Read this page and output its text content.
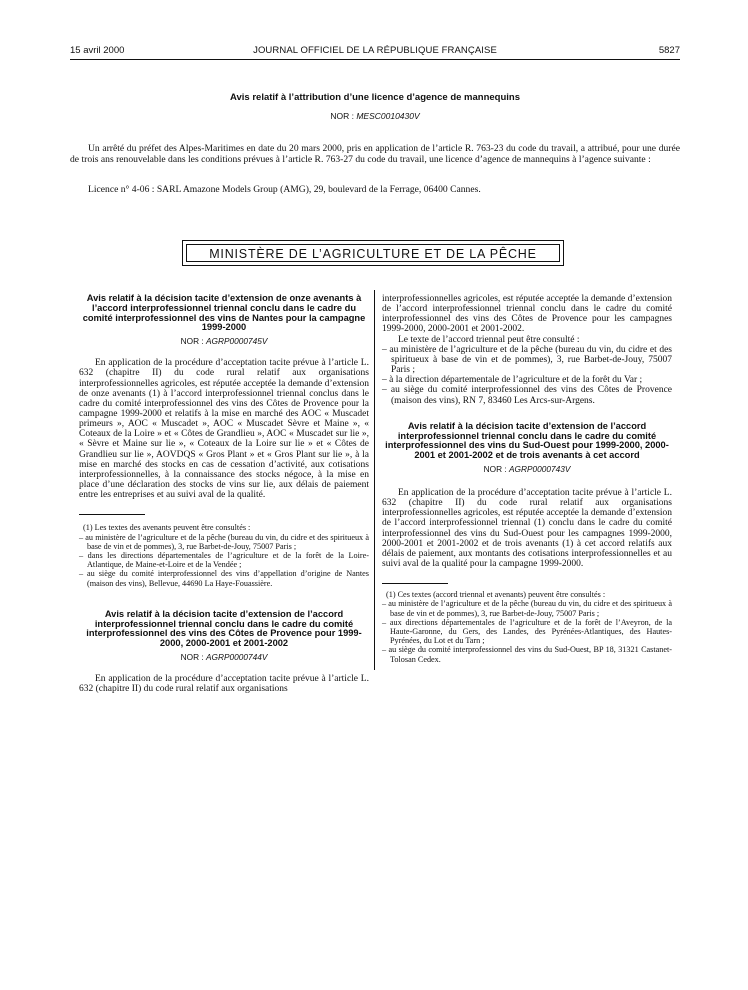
15 avril 2000	JOURNAL OFFICIEL DE LA RÉPUBLIQUE FRANÇAISE	5827
Avis relatif à l’attribution d’une licence d’agence de mannequins
NOR : MESC0010430V

Un arrêté du préfet des Alpes-Maritimes en date du 20 mars 2000, pris en application de l’article R. 763-23 du code du travail, a attribué, pour une durée de trois ans renouvelable dans les conditions prévues à l’article R. 763-27 du code du travail, une licence d’agence de mannequins à l’agence suivante :

Licence n° 4-06 : SARL Amazone Models Group (AMG), 29, boulevard de la Ferrage, 06400 Cannes.

MINISTÈRE DE L’AGRICULTURE ET DE LA PÊCHE

Avis relatif à la décision tacite d’extension de onze avenants à l’accord interprofessionnel triennal conclu dans le cadre du comité interprofessionnel des vins de Nantes pour la campagne 1999-2000

NOR : AGRP0000745V

En application de la procédure d’acceptation tacite prévue à l’article L. 632 (chapitre II) du code rural relatif aux organisations interprofessionnelles agricoles, est réputée acceptée la demande d’extension de onze avenants (1) à l’accord interprofessionnel triennal conclus dans le cadre du comité interprofessionnel des vins des Côtes de Provence pour la campagne 1999-2000 et relatifs à la mise en marché des AOC « Muscadet primeurs », AOC « Muscadet », AOC « Muscadet Sèvre et Maine », « Coteaux de la Loire » et « Côtes de Grandlieu », AOC « Muscadet sur lie », « Sèvre et Maine sur lie », « Coteaux de la Loire sur lie » et « Côtes de Grandlieu sur lie », AOVDQS « Gros Plant » et « Gros Plant sur lie », à la mise en marché des stocks en cas de cessation d’activité, aux cotisations interprofessionnelles, à la connaissance des stocks négoce, à la mise en place d’une déclaration des stocks de vins sur lie, aux délais de paiement entre les entreprises et au suivi aval de la qualité.

(1) Les textes des avenants peuvent être consultés :

– au ministère de l’agriculture et de la pêche (bureau du vin, du cidre et des spiritueux à base de vin et de pommes), 3, rue Barbet-de-Jouy, 75007 Paris ;

– dans les directions départementales de l’agriculture et de la forêt de la Loire-Atlantique, de Maine-et-Loire et de la Vendée ;

– au siège du comité interprofessionnel des vins d’appellation d’origine de Nantes (maison des vins), Bellevue, 44690 La Haye-Fouassière.

Avis relatif à la décision tacite d’extension de l’accord interprofessionnel triennal conclu dans le cadre du comité interprofessionnel des vins des Côtes de Provence pour 1999-2000, 2000-2001 et 2001-2002

NOR : AGRP0000744V

En application de la procédure d’acceptation tacite prévue à l’article L. 632 (chapitre II) du code rural relatif aux organisations

interprofessionnelles agricoles, est réputée acceptée la demande d’extension de l’accord interprofessionnel triennal conclu dans le cadre du comité interprofessionnel des vins des Côtes de Provence pour les campagnes 1999-2000, 2000-2001 et 2001-2002.

Le texte de l’accord triennal peut être consulté :

– au ministère de l’agriculture et de la pêche (bureau du vin, du cidre et des spiritueux à base de vin et de pommes), 3, rue Barbet-de-Jouy, 75007 Paris ;

– à la direction départementale de l’agriculture et de la forêt du Var ;

– au siège du comité interprofessionnel des vins des Côtes de Provence (maison des vins), RN 7, 83460 Les Arcs-sur-Argens.

Avis relatif à la décision tacite d’extension de l’accord interprofessionnel triennal conclu dans le cadre du comité interprofessionnel des vins du Sud-Ouest pour 1999-2000, 2000-2001 et 2001-2002 et de trois avenants à cet accord

NOR : AGRP0000743V

En application de la procédure d’acceptation tacite prévue à l’article L. 632 (chapitre II) du code rural relatif aux organisations interprofessionnelles agricoles, est réputée acceptée la demande d’extension de l’accord interprofessionnel triennal (1) conclu dans le cadre du comité interprofessionnel des vins du Sud-Ouest pour les campagnes 1999-2000, 2000-2001 et 2001-2002 et de trois avenants (1) à cet accord relatifs aux délais de paiement, aux montants des cotisations interprofessionnelles et au suivi aval de la qualité pour la campagne 1999-2000.

(1) Ces textes (accord triennal et avenants) peuvent être consultés :

– au ministère de l’agriculture et de la pêche (bureau du vin, du cidre et des spiritueux à base de vin et de pommes), 3, rue Barbet-de-Jouy, 75007 Paris ;

– aux directions départementales de l’agriculture et de la forêt de l’Aveyron, de la Haute-Garonne, du Gers, des Landes, des Pyrénées-Atlantiques, des Hautes-Pyrénées, du Lot et du Tarn ;

– au siège du comité interprofessionnel des vins du Sud-Ouest, BP 18, 31321 Castanet-Tolosan Cedex.
